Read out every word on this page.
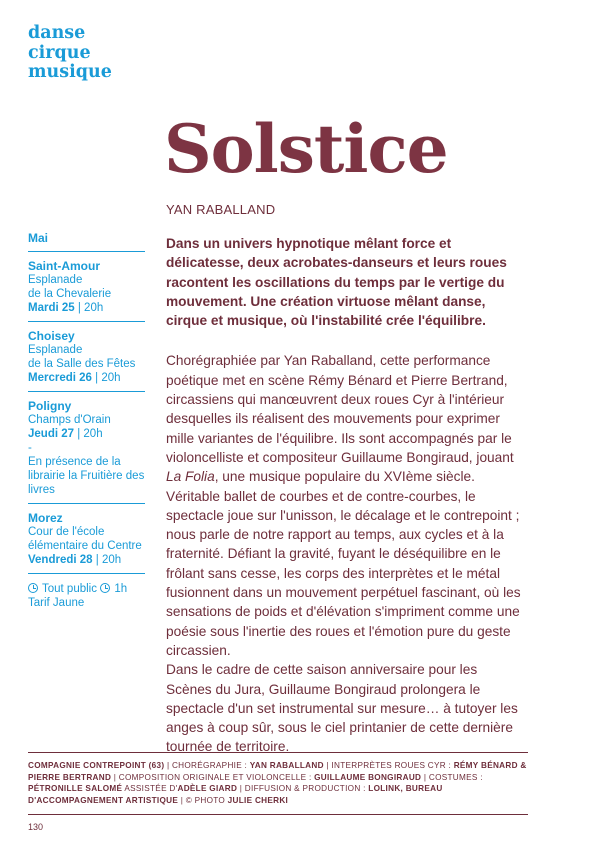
danse
cirque
musique
Solstice
YAN RABALLAND
Mai
Saint-Amour
Esplanade
de la Chevalerie
Mardi 25 | 20h
Choisey
Esplanade
de la Salle des Fêtes
Mercredi 26 | 20h
Poligny
Champs d'Orain
Jeudi 27 | 20h
-
En présence de la librairie la Fruitière des livres
Morez
Cour de l'école élémentaire du Centre
Vendredi 28 | 20h
Tout public 1h
Tarif Jaune

Dans un univers hypnotique mêlant force et délicatesse, deux acrobates-danseurs et leurs roues racontent les oscillations du temps par le vertige du mouvement. Une création virtuose mêlant danse, cirque et musique, où l'instabilité crée l'équilibre.

Chorégraphiée par Yan Raballand, cette performance poétique met en scène Rémy Bénard et Pierre Bertrand, circassiens qui manœuvrent deux roues Cyr à l'intérieur desquelles ils réalisent des mouvements pour exprimer mille variantes de l'équilibre. Ils sont accompagnés par le violoncelliste et compositeur Guillaume Bongiraud, jouant La Folia, une musique populaire du XVIème siècle. Véritable ballet de courbes et de contre-courbes, le spectacle joue sur l'unisson, le décalage et le contrepoint ; nous parle de notre rapport au temps, aux cycles et à la fraternité. Défiant la gravité, fuyant le déséquilibre en le frôlant sans cesse, les corps des interprètes et le métal fusionnent dans un mouvement perpétuel fascinant, où les sensations de poids et d'élévation s'impriment comme une poésie sous l'inertie des roues et l'émotion pure du geste circassien.

Dans le cadre de cette saison anniversaire pour les Scènes du Jura, Guillaume Bongiraud prolongera le spectacle d'un set instrumental sur mesure… à tutoyer les anges à coup sûr, sous le ciel printanier de cette dernière tournée de territoire.

COMPAGNIE CONTREPOINT (63) | CHORÉGRAPHIE : YAN RABALLAND | INTERPRÈTES ROUES CYR : RÉMY BÉNARD & PIERRE BERTRAND | COMPOSITION ORIGINALE ET VIOLONCELLE : GUILLAUME BONGIRAUD | COSTUMES : PÉTRONILLE SALOMÉ ASSISTÉE D'ADÈLE GIARD | DIFFUSION & PRODUCTION : LOLINK, BUREAU D'ACCOMPAGNEMENT ARTISTIQUE | © PHOTO JULIE CHERKI
130
